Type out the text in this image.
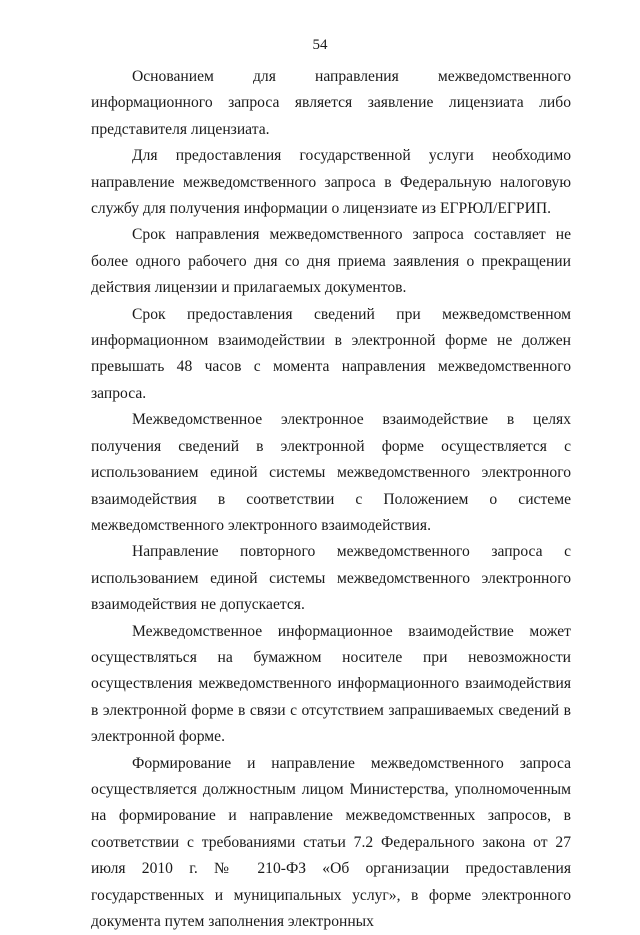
54

Основанием для направления межведомственного информационного запроса является заявление лицензиата либо представителя лицензиата.

Для предоставления государственной услуги необходимо направление межведомственного запроса в Федеральную налоговую службу для получения информации о лицензиате из ЕГРЮЛ/ЕГРИП.

Срок направления межведомственного запроса составляет не более одного рабочего дня со дня приема заявления о прекращении действия лицензии и прилагаемых документов.

Срок предоставления сведений при межведомственном информационном взаимодействии в электронной форме не должен превышать 48 часов с момента направления межведомственного запроса.

Межведомственное электронное взаимодействие в целях получения сведений в электронной форме осуществляется с использованием единой системы межведомственного электронного взаимодействия в соответствии с Положением о системе межведомственного электронного взаимодействия.

Направление повторного межведомственного запроса с использованием единой системы межведомственного электронного взаимодействия не допускается.

Межведомственное информационное взаимодействие может осуществляться на бумажном носителе при невозможности осуществления межведомственного информационного взаимодействия в электронной форме в связи с отсутствием запрашиваемых сведений в электронной форме.

Формирование и направление межведомственного запроса осуществляется должностным лицом Министерства, уполномоченным на формирование и направление межведомственных запросов, в соответствии с требованиями статьи 7.2 Федерального закона от 27 июля 2010 г. № 210-ФЗ «Об организации предоставления государственных и муниципальных услуг», в форме электронного документа путем заполнения электронных
